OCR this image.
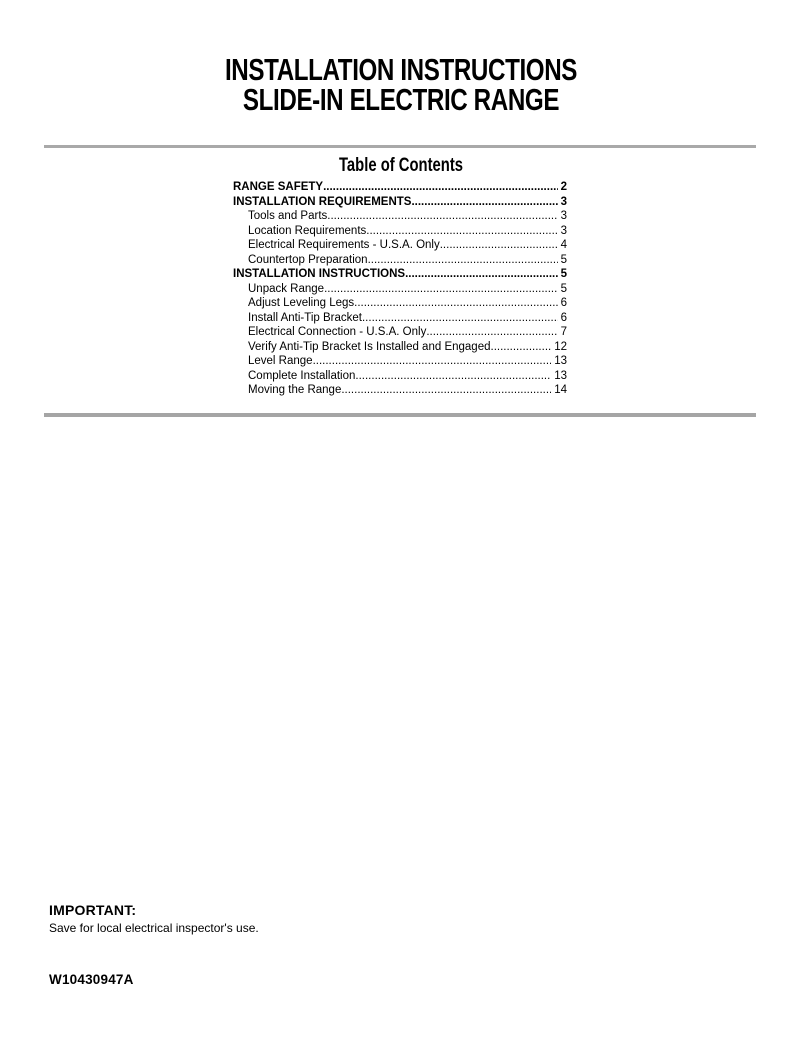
INSTALLATION INSTRUCTIONS
SLIDE-IN ELECTRIC RANGE
Table of Contents
RANGE SAFETY .....	2
INSTALLATION REQUIREMENTS .....	3
Tools and Parts .....	3
Location Requirements .....	3
Electrical Requirements - U.S.A. Only .....	4
Countertop Preparation .....	5
INSTALLATION INSTRUCTIONS .....	5
Unpack Range .....	5
Adjust Leveling Legs .....	6
Install Anti-Tip Bracket .....	6
Electrical Connection - U.S.A. Only .....	7
Verify Anti-Tip Bracket Is Installed and Engaged .....	12
Level Range .....	13
Complete Installation .....	13
Moving the Range .....	14
IMPORTANT:
Save for local electrical inspector's use.
W10430947A
